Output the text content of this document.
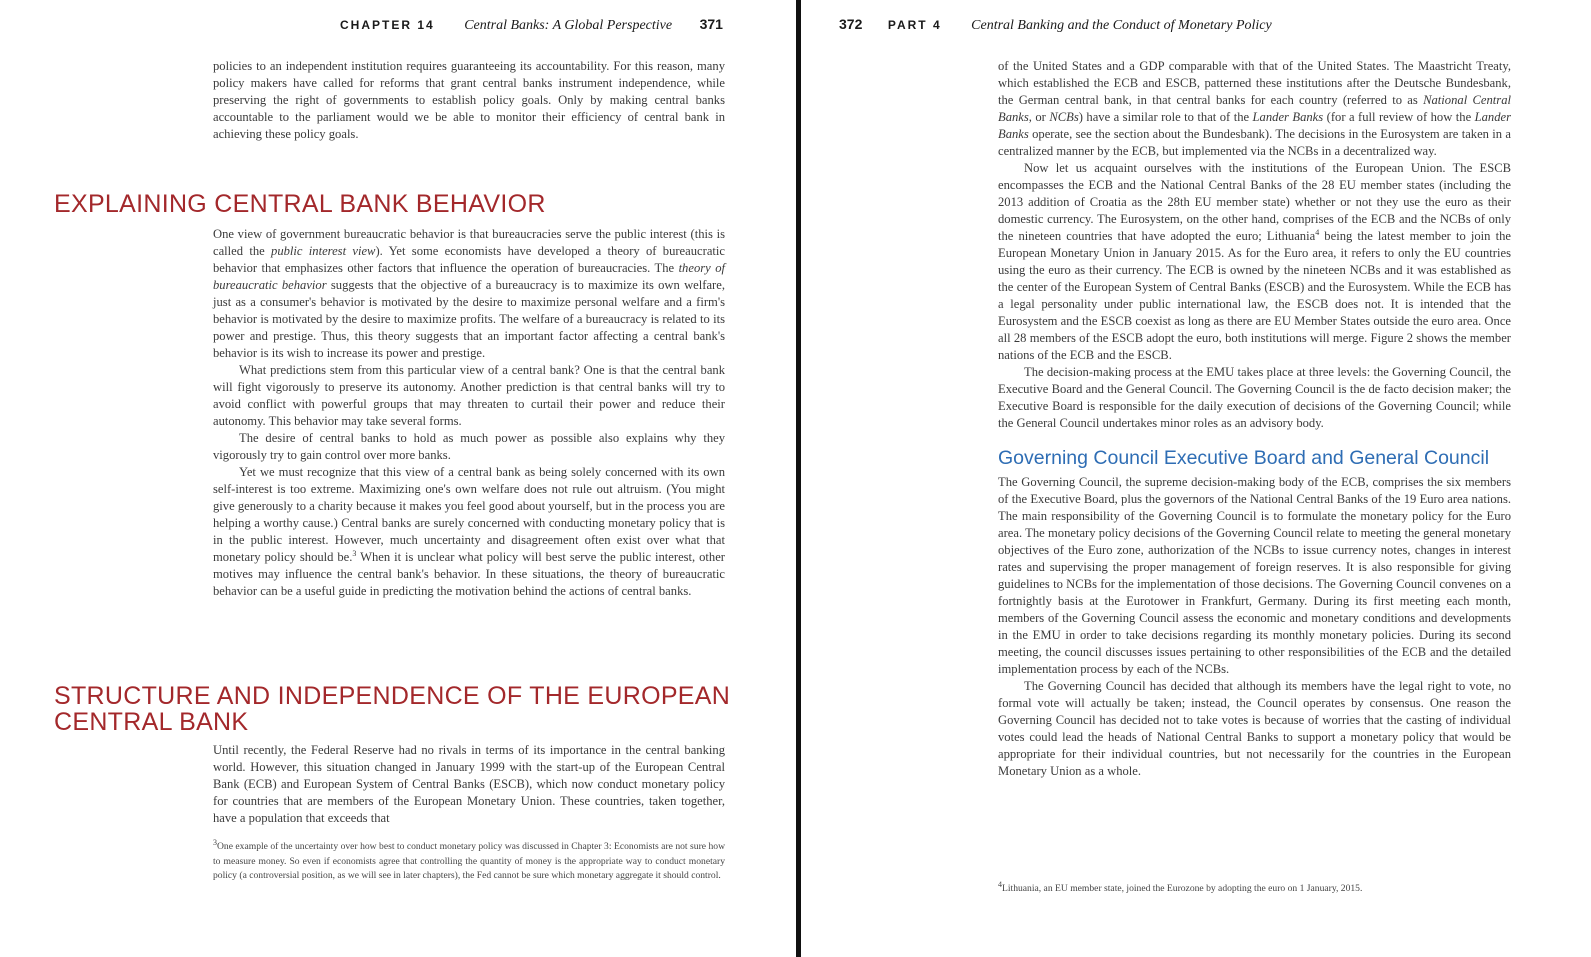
CHAPTER 14 Central Banks: A Global Perspective 371

policies to an independent institution requires guaranteeing its accountability. For this reason, many policy makers have called for reforms that grant central banks instrument independence, while preserving the right of governments to establish policy goals. Only by making central banks accountable to the parliament would we be able to monitor their efficiency of central bank in achieving these policy goals.

EXPLAINING CENTRAL BANK BEHAVIOR

One view of government bureaucratic behavior is that bureaucracies serve the public interest (this is called the public interest view). Yet some economists have developed a theory of bureaucratic behavior that emphasizes other factors that influence the operation of bureaucracies. The theory of bureaucratic behavior suggests that the objective of a bureaucracy is to maximize its own welfare, just as a consumer's behavior is motivated by the desire to maximize personal welfare and a firm's behavior is motivated by the desire to maximize profits. The welfare of a bureaucracy is related to its power and prestige. Thus, this theory suggests that an important factor affecting a central bank's behavior is its wish to increase its power and prestige.

What predictions stem from this particular view of a central bank? One is that the central bank will fight vigorously to preserve its autonomy. Another prediction is that central banks will try to avoid conflict with powerful groups that may threaten to curtail their power and reduce their autonomy. This behavior may take several forms.

The desire of central banks to hold as much power as possible also explains why they vigorously try to gain control over more banks.

Yet we must recognize that this view of a central bank as being solely concerned with its own self-interest is too extreme. Maximizing one's own welfare does not rule out altruism. (You might give generously to a charity because it makes you feel good about yourself, but in the process you are helping a worthy cause.) Central banks are surely concerned with conducting monetary policy that is in the public interest. However, much uncertainty and disagreement often exist over what that monetary policy should be.$^3$ When it is unclear what policy will best serve the public interest, other motives may influence the central bank's behavior. In these situations, the theory of bureaucratic behavior can be a useful guide in predicting the motivation behind the actions of central banks.

STRUCTURE AND INDEPENDENCE OF THE EUROPEAN
CENTRAL BANK

Until recently, the Federal Reserve had no rivals in terms of its importance in the central banking world. However, this situation changed in January 1999 with the start-up of the European Central Bank (ECB) and European System of Central Banks (ESCB), which now conduct monetary policy for countries that are members of the European Monetary Union. These countries, taken together, have a population that exceeds that

$^3$One example of the uncertainty over how best to conduct monetary policy was discussed in Chapter 3: Economists are not sure how to measure money. So even if economists agree that controlling the quantity of money is the appropriate way to conduct monetary policy (a controversial position, as we will see in later chapters), the Fed cannot be sure which monetary aggregate it should control.
372 PART 4 Central Banking and the Conduct of Monetary Policy

of the United States and a GDP comparable with that of the United States. The Maastricht Treaty, which established the ECB and ESCB, patterned these institutions after the Deutsche Bundesbank, the German central bank, in that central banks for each country (referred to as National Central Banks, or NCBs) have a similar role to that of the Lander Banks (for a full review of how the Lander Banks operate, see the section about the Bundesbank). The decisions in the Eurosystem are taken in a centralized manner by the ECB, but implemented via the NCBs in a decentralized way.

Now let us acquaint ourselves with the institutions of the European Union. The ESCB encompasses the ECB and the National Central Banks of the 28 EU member states (including the 2013 addition of Croatia as the 28th EU member state) whether or not they use the euro as their domestic currency. The Eurosystem, on the other hand, comprises of the ECB and the NCBs of only the nineteen countries that have adopted the euro; Lithuania$^4$ being the latest member to join the European Monetary Union in January 2015. As for the Euro area, it refers to only the EU countries using the euro as their currency. The ECB is owned by the nineteen NCBs and it was established as the center of the European System of Central Banks (ESCB) and the Eurosystem. While the ECB has a legal personality under public international law, the ESCB does not. It is intended that the Eurosystem and the ESCB coexist as long as there are EU Member States outside the euro area. Once all 28 members of the ESCB adopt the euro, both institutions will merge. Figure 2 shows the member nations of the ECB and the ESCB.

The decision-making process at the EMU takes place at three levels: the Governing Council, the Executive Board and the General Council. The Governing Council is the de facto decision maker; the Executive Board is responsible for the daily execution of decisions of the Governing Council; while the General Council undertakes minor roles as an advisory body.

Governing Council Executive Board and General Council

The Governing Council, the supreme decision-making body of the ECB, comprises the six members of the Executive Board, plus the governors of the National Central Banks of the 19 Euro area nations. The main responsibility of the Governing Council is to formulate the monetary policy for the Euro area. The monetary policy decisions of the Governing Council relate to meeting the general monetary objectives of the Euro zone, authorization of the NCBs to issue currency notes, changes in interest rates and supervising the proper management of foreign reserves. It is also responsible for giving guidelines to NCBs for the implementation of those decisions. The Governing Council convenes on a fortnightly basis at the Eurotower in Frankfurt, Germany. During its first meeting each month, members of the Governing Council assess the economic and monetary conditions and developments in the EMU in order to take decisions regarding its monthly monetary policies. During its second meeting, the council discusses issues pertaining to other responsibilities of the ECB and the detailed implementation process by each of the NCBs.

The Governing Council has decided that although its members have the legal right to vote, no formal vote will actually be taken; instead, the Council operates by consensus. One reason the Governing Council has decided not to take votes is because of worries that the casting of individual votes could lead the heads of National Central Banks to support a monetary policy that would be appropriate for their individual countries, but not necessarily for the countries in the European Monetary Union as a whole.

$^4$Lithuania, an EU member state, joined the Eurozone by adopting the euro on 1 January, 2015.
